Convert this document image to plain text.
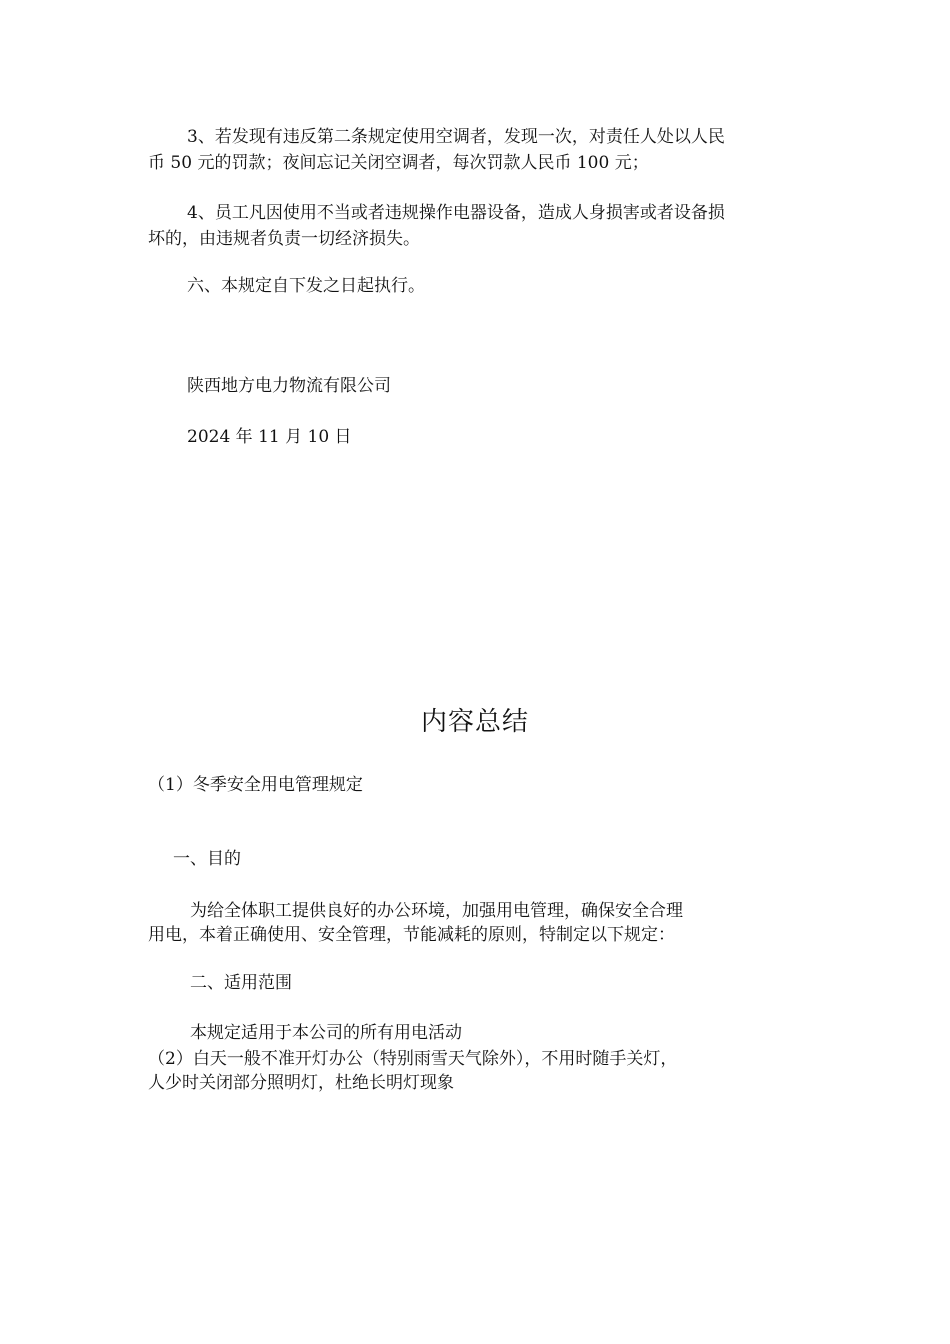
3、若发现有违反第二条规定使用空调者，发现一次，对责任人处以人民
币 50 元的罚款；夜间忘记关闭空调者，每次罚款人民币 100 元；
4、员工凡因使用不当或者违规操作电器设备，造成人身损害或者设备损
坏的，由违规者负责一切经济损失。
六、本规定自下发之日起执行。
陕西地方电力物流有限公司
2024 年 11 月 10 日
内容总结
（1）冬季安全用电管理规定
一、目的
为给全体职工提供良好的办公环境，加强用电管理，确保安全合理
用电，本着正确使用、安全管理，节能减耗的原则，特制定以下规定：
二、适用范围
本规定适用于本公司的所有用电活动
（2）白天一般不准开灯办公（特别雨雪天气除外），不用时随手关灯，
人少时关闭部分照明灯，杜绝长明灯现象
